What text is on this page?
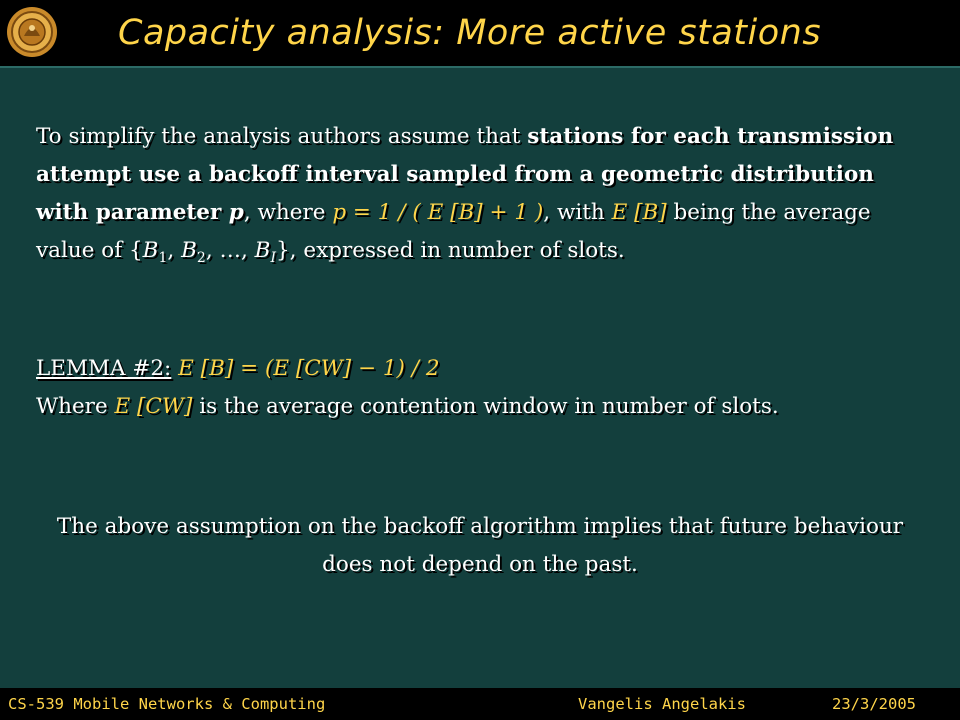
Capacity analysis: More active stations
To simplify the analysis authors assume that stations for each transmission attempt use a backoff interval sampled from a geometric distribution with parameter p, where p = 1 / ( E [B] + 1 ), with E [B] being the average value of {$B_1$, $B_2$, …, $B_I$}, expressed in number of slots.
LEMMA #2: E [B] = (E [CW] − 1) / 2
Where E [CW] is the average contention window in number of slots.
The above assumption on the backoff algorithm implies that future behaviour does not depend on the past.
CS-539 Mobile Networks & Computing	Vangelis Angelakis	23/3/2005
